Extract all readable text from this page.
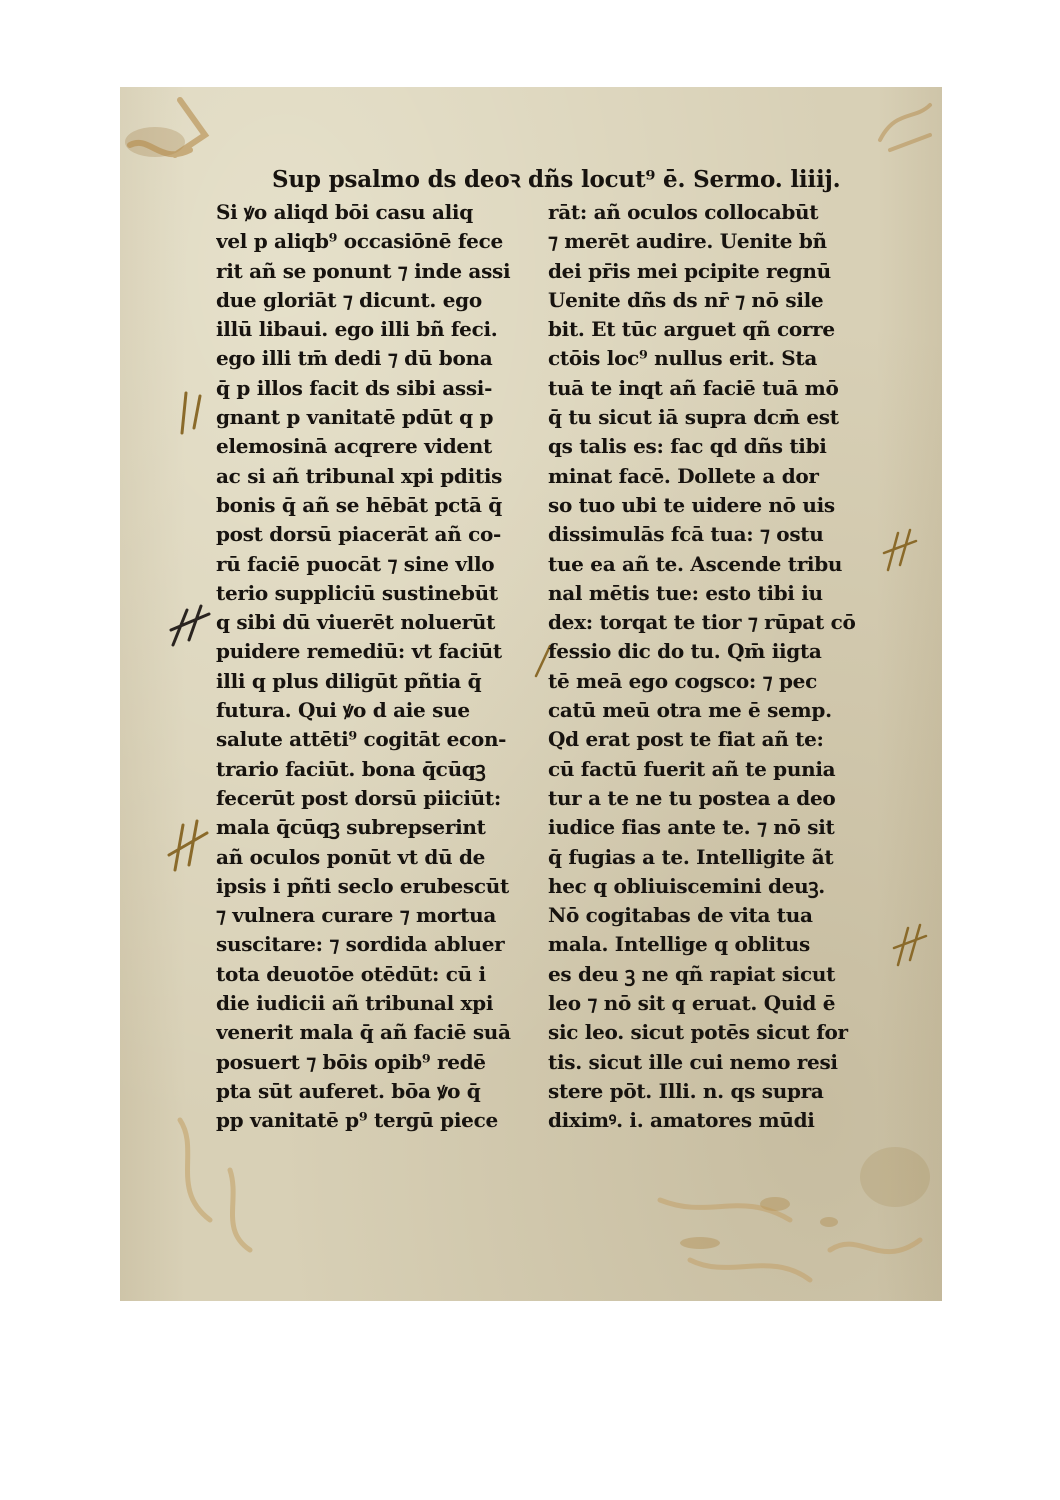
Sup psalmo ds deoꝛ dñs locut⁹ ē. Sermo. liiij.
Si ꝟo aliqd bōi casu aliq
vel p aliqb⁹ occasiōnē fece
rit añ se ponunt ⁊ inde assi
due gloriāt ⁊ dicunt. ego
illū libaui. ego illi bñ feci.
ego illi tm̄ dedi ⁊ dū bona
q̄ p illos facit ds sibi assi-
gnant p vanitatē pdūt q p
elemosinā acqrere vident
ac si añ tribunal xpi pditis
bonis q̄ añ se hēbāt pctā q̄
post dorsū piacerāt añ co-
rū faciē puocāt ⁊ sine vllo
terio suppliciū sustinebūt
q sibi dū viuerēt noluerūt
puidere remediū: vt faciūt
illi q plus diligūt pñtia q̄
futura. Qui ꝟo d aie sue
salute attēti⁹ cogitāt econ-
trario faciūt. bona q̄cūqꝫ
fecerūt post dorsū piiciūt:
mala q̄cūqꝫ subrepserint
añ oculos ponūt vt dū de
ipsis i pñti seclo erubescūt
⁊ vulnera curare ⁊ mortua
suscitare: ⁊ sordida abluer
tota deuotōe otēdūt: cū i
die iudicii añ tribunal xpi
venerit mala q̄ añ faciē suā
posuert ⁊ bōis opib⁹ redē
pta sūt auferet. bōa ꝟo q̄
pp vanitatē p⁹ tergū piece
rāt: añ oculos collocabūt
⁊ merēt audire. Uenite bñ
dei pr̄is mei pcipite regnū
Uenite dñs ds nr̄ ⁊ nō sile
bit. Et tūc arguet qñ corre
ctōis loc⁹ nullus erit. Sta
tuā te inqt añ faciē tuā mō
q̄ tu sicut iā supra dcm̄ est
qs talis es: fac qd dñs tibi
minat facē. Dollete a dor
so tuo ubi te uidere nō uis
dissimulās fcā tua: ⁊ ostu
tue ea añ te. Ascende tribu
nal mētis tue: esto tibi iu
dex: torqat te tior ⁊ rūpat cō
fessio dic do tu. Qm̄ iigta
tē meā ego cogsco: ⁊ pec
catū meū otra me ē semp.
Qd erat post te fiat añ te:
cū factū fuerit añ te punia
tur a te ne tu postea a deo
iudice fias ante te. ⁊ nō sit
q̄ fugias a te. Intelligite ãt
hec q obliuiscemini deuꝫ.
Nō cogitabas de vita tua
mala. Intellige q oblitus
es deu ꝫ ne qñ rapiat sicut
leo ⁊ nō sit q eruat. Quid ē
sic leo. sicut potēs sicut for
tis. sicut ille cui nemo resi
stere pōt. Illi. n. qs supra
diximꝰ. i. amatores mūdi
